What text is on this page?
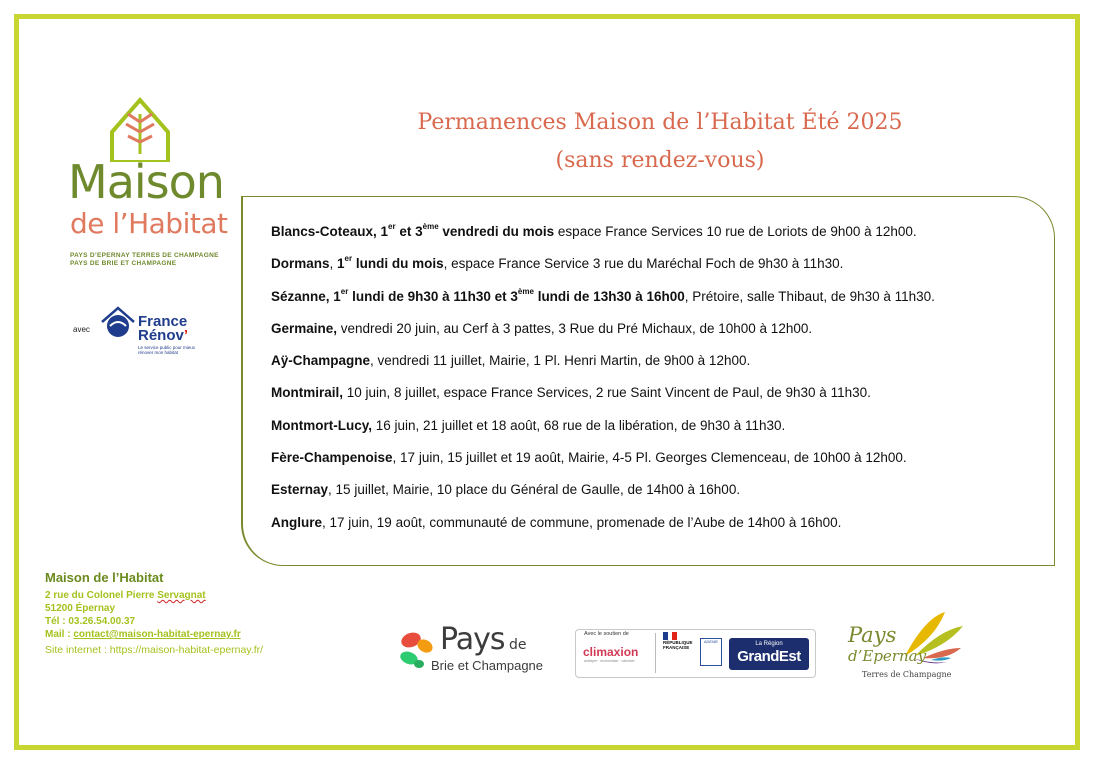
Maison
de l’Habitat
PAYS D’EPERNAY TERRES DE CHAMPAGNE
PAYS DE BRIE ET CHAMPAGNE
avec	France
Rénov’
Le service public pour mieux rénover mon habitat
Permanences Maison de l’Habitat Été 2025
(sans rendez-vous)
Blancs-Coteaux, 1er et 3ème vendredi du mois espace France Services 10 rue de Loriots de 9h00 à 12h00.
Dormans, 1er lundi du mois, espace France Service 3 rue du Maréchal Foch de 9h30 à 11h30.
Sézanne, 1er lundi de 9h30 à 11h30 et 3ème lundi de 13h30 à 16h00, Prétoire, salle Thibaut, de 9h30 à 11h30.
Germaine, vendredi 20 juin, au Cerf à 3 pattes, 3 Rue du Pré Michaux, de 10h00 à 12h00.
Aÿ-Champagne, vendredi 11 juillet, Mairie, 1 Pl. Henri Martin, de 9h00 à 12h00.
Montmirail, 10 juin, 8 juillet, espace France Services, 2 rue Saint Vincent de Paul, de 9h30 à 11h30.
Montmort-Lucy, 16 juin, 21 juillet et 18 août, 68 rue de la libération, de 9h30 à 11h30.
Fère-Champenoise, 17 juin, 15 juillet et 19 août, Mairie, 4-5 Pl. Georges Clemenceau, de 10h00 à 12h00.
Esternay, 15 juillet, Mairie, 10 place du Général de Gaulle, de 14h00 à 16h00.
Anglure, 17 juin, 19 août, communauté de commune, promenade de l’Aube de 14h00 à 16h00.
Maison de l’Habitat
2 rue du Colonel Pierre Servagnat
51200 Épernay
Tél : 03.26.54.00.37
Mail : contact@maison-habitat-epernay.fr
Site internet : https://maison-habitat-epernay.fr/	Pays de
Brie et Champagne
Avec le soutien de
climaxion
anticiper · économiser · valoriser
RÉPUBLIQUE FRANÇAISE
ADEME	La Région
GrandEst
Pays
d’Epernay
Terres de Champagne
